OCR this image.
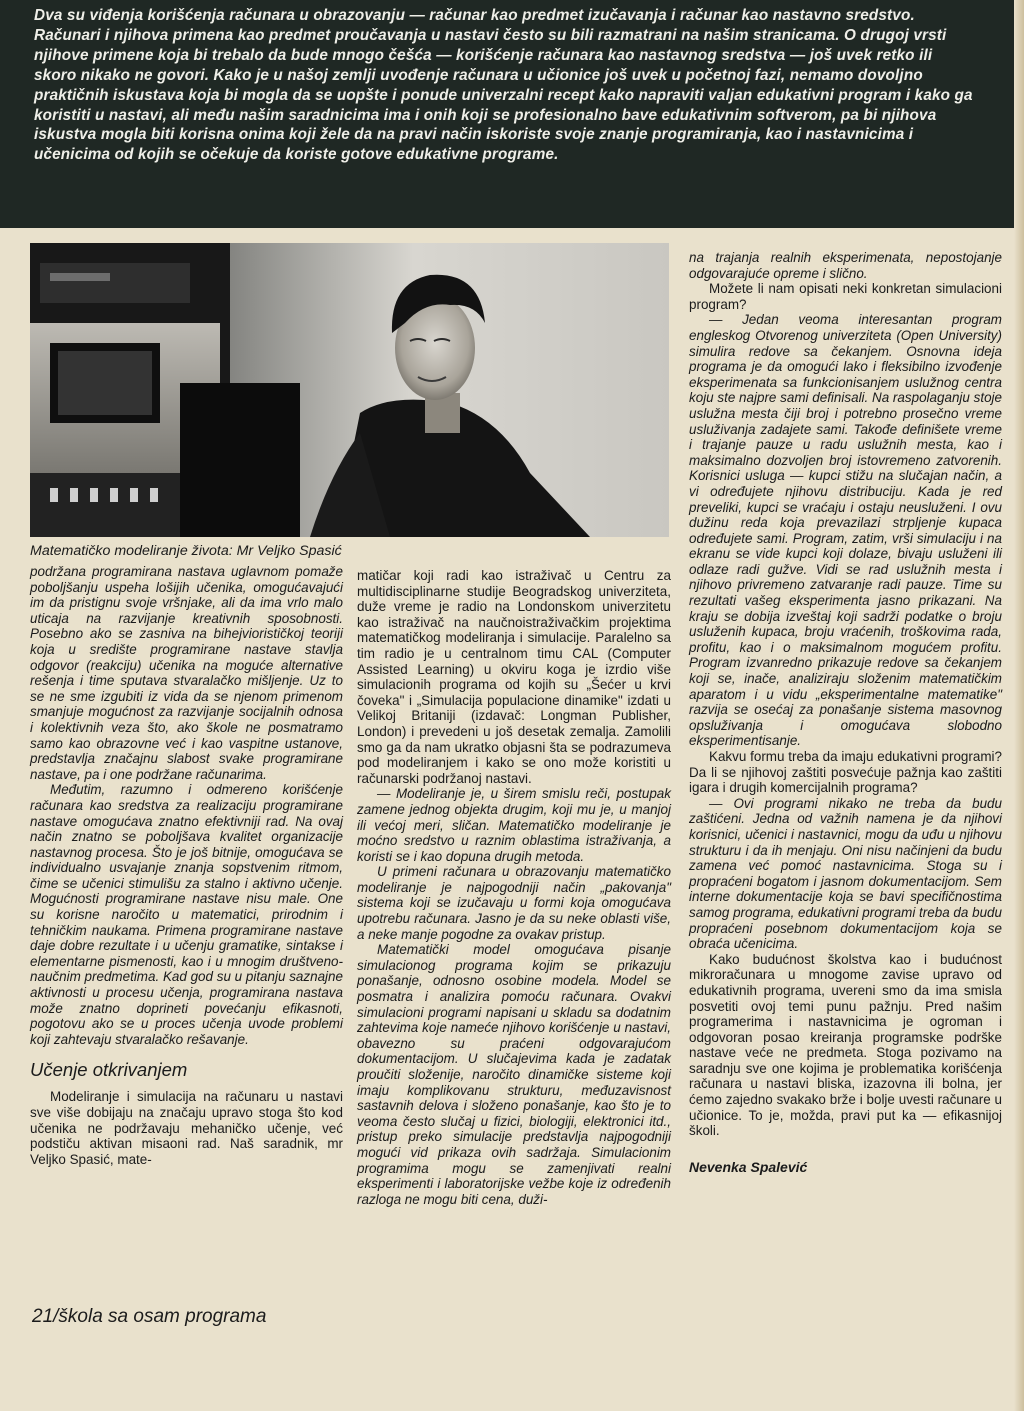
Dva su viđenja korišćenja računara u obrazovanju — računar kao predmet izučavanja i računar kao nastavno sredstvo. Računari i njihova primena kao predmet proučavanja u nastavi često su bili razmatrani na našim stranicama. O drugoj vrsti njihove primene koja bi trebalo da bude mnogo češća — korišćenje računara kao nastavnog sredstva — još uvek retko ili skoro nikako ne govori. Kako je u našoj zemlji uvođenje računara u učionice još uvek u početnoj fazi, nemamo dovoljno praktičnih iskustava koja bi mogla da se uopšte i ponude univerzalni recept kako napraviti valjan edukativni program i kako ga koristiti u nastavi, ali među našim saradnicima ima i onih koji se profesionalno bave edukativnim softverom, pa bi njihova iskustva mogla biti korisna onima koji žele da na pravi način iskoriste svoje znanje programiranja, kao i nastavnicima i učenicima od kojih se očekuje da koriste gotove edukativne programe.

Matematičko modeliranje života: Mr Veljko Spasić

podržana programirana nastava uglavnom pomaže poboljšanju uspeha lošijih učenika, omogućavajući im da pristignu svoje vršnjake, ali da ima vrlo malo uticaja na razvijanje kreativnih sposobnosti. Posebno ako se zasniva na bihejviorističkoj teoriji koja u središte programirane nastave stavlja odgovor (reakciju) učenika na moguće alternative rešenja i time sputava stvaralačko mišljenje. Uz to se ne sme izgubiti iz vida da se njenom primenom smanjuje mogućnost za razvijanje socijalnih odnosa i kolektivnih veza što, ako škole ne posmatramo samo kao obrazovne već i kao vaspitne ustanove, predstavlja značajnu slabost svake programirane nastave, pa i one podržane računarima.

Međutim, razumno i odmereno korišćenje računara kao sredstva za realizaciju programirane nastave omogućava znatno efektivniji rad. Na ovaj način znatno se poboljšava kvalitet organizacije nastavnog procesa. Što je još bitnije, omogućava se individualno usvajanje znanja sopstvenim ritmom, čime se učenici stimulišu za stalno i aktivno učenje. Mogućnosti programirane nastave nisu male. One su korisne naročito u matematici, prirodnim i tehničkim naukama. Primena programirane nastave daje dobre rezultate i u učenju gramatike, sintakse i elementarne pismenosti, kao i u mnogim društveno-naučnim predmetima. Kad god su u pitanju saznajne aktivnosti u procesu učenja, programirana nastava može znatno doprineti povećanju efikasnoti, pogotovu ako se u proces učenja uvode problemi koji zahtevaju stvaralačko rešavanje.

Učenje otkrivanjem

Modeliranje i simulacija na računaru u nastavi sve više dobijaju na značaju upravo stoga što kod učenika ne podržavaju mehaničko učenje, već podstiču aktivan misaoni rad. Naš saradnik, mr Veljko Spasić, mate-

matičar koji radi kao istraživač u Centru za multidisciplinarne studije Beogradskog univerziteta, duže vreme je radio na Londonskom univerzitetu kao istraživač na naučnoistraživačkim projektima matematičkog modeliranja i simulacije. Paralelno sa tim radio je u centralnom timu CAL (Computer Assisted Learning) u okviru koga je izrdio više simulacionih programa od kojih su „Šećer u krvi čoveka" i „Simulacija populacione dinamike" izdati u Velikoj Britaniji (izdavač: Longman Publisher, London) i prevedeni u još desetak zemalja. Zamolili smo ga da nam ukratko objasni šta se podrazumeva pod modeliranjem i kako se ono može koristiti u računarski podržanoj nastavi.

— Modeliranje je, u širem smislu reči, postupak zamene jednog objekta drugim, koji mu je, u manjoj ili većoj meri, sličan. Matematičko modeliranje je moćno sredstvo u raznim oblastima istraživanja, a koristi se i kao dopuna drugih metoda.

U primeni računara u obrazovanju matematičko modeliranje je najpogodniji način „pakovanja" sistema koji se izučavaju u formi koja omogućava upotrebu računara. Jasno je da su neke oblasti više, a neke manje pogodne za ovakav pristup.

Matematički model omogućava pisanje simulacionog programa kojim se prikazuju ponašanje, odnosno osobine modela. Model se posmatra i analizira pomoću računara. Ovakvi simulacioni programi napisani u skladu sa dodatnim zahtevima koje nameće njihovo korišćenje u nastavi, obavezno su praćeni odgovarajućom dokumentacijom. U slučajevima kada je zadatak proučiti složenije, naročito dinamičke sisteme koji imaju komplikovanu strukturu, međuzavisnost sastavnih delova i složeno ponašanje, kao što je to veoma često slučaj u fizici, biologiji, elektronici itd., pristup preko simulacije predstavlja najpogodniji mogući vid prikaza ovih sadržaja. Simulacionim programima mogu se zamenjivati realni eksperimenti i laboratorijske vežbe koje iz određenih razloga ne mogu biti cena, duži-

na trajanja realnih eksperimenata, nepostojanje odgovarajuće opreme i slično.

Možete li nam opisati neki konkretan simulacioni program?

— Jedan veoma interesantan program engleskog Otvorenog univerziteta (Open University) simulira redove sa čekanjem. Osnovna ideja programa je da omogući lako i fleksibilno izvođenje eksperimenata sa funkcionisanjem uslužnog centra koju ste najpre sami definisali. Na raspolaganju stoje uslužna mesta čiji broj i potrebno prosečno vreme usluživanja zadajete sami. Takođe definišete vreme i trajanje pauze u radu uslužnih mesta, kao i maksimalno dozvoljen broj istovremeno zatvorenih. Korisnici usluga — kupci stižu na slučajan način, a vi određujete njihovu distribuciju. Kada je red preveliki, kupci se vraćaju i ostaju neusluženi. I ovu dužinu reda koja prevazilazi strpljenje kupaca određujete sami. Program, zatim, vrši simulaciju i na ekranu se vide kupci koji dolaze, bivaju usluženi ili odlaze radi gužve. Vidi se rad uslužnih mesta i njihovo privremeno zatvaranje radi pauze. Time su rezultati vašeg eksperimenta jasno prikazani. Na kraju se dobija izveštaj koji sadrži podatke o broju usluženih kupaca, broju vraćenih, troškovima rada, profitu, kao i o maksimalnom mogućem profitu. Program izvanredno prikazuje redove sa čekanjem koji se, inače, analiziraju složenim matematičkim aparatom i u vidu „eksperimentalne matematike" razvija se osećaj za ponašanje sistema masovnog opsluživanja i omogućava slobodno eksperimentisanje.

Kakvu formu treba da imaju edukativni programi? Da li se njihovoj zaštiti posvećuje pažnja kao zaštiti igara i drugih komercijalnih programa?

— Ovi programi nikako ne treba da budu zaštićeni. Jedna od važnih namena je da njihovi korisnici, učenici i nastavnici, mogu da uđu u njihovu strukturu i da ih menjaju. Oni nisu načinjeni da budu zamena već pomoć nastavnicima. Stoga su i propraćeni bogatom i jasnom dokumentacijom. Sem interne dokumentacije koja se bavi specifičnostima samog programa, edukativni programi treba da budu propraćeni posebnom dokumentacijom koja se obraća učenicima.

Kako budućnost školstva kao i budućnost mikroračunara u mnogome zavise upravo od edukativnih programa, uvereni smo da ima smisla posvetiti ovoj temi punu pažnju. Pred našim programerima i nastavnicima je ogroman i odgovoran posao kreiranja programske podrške nastave veće ne predmeta. Stoga pozivamo na saradnju sve one kojima je problematika korišćenja računara u nastavi bliska, izazovna ili bolna, jer ćemo zajedno svakako brže i bolje uvesti računare u učionice. To je, možda, pravi put ka — efikasnijoj školi.

Nevenka Spalević
21/škola sa osam programa
